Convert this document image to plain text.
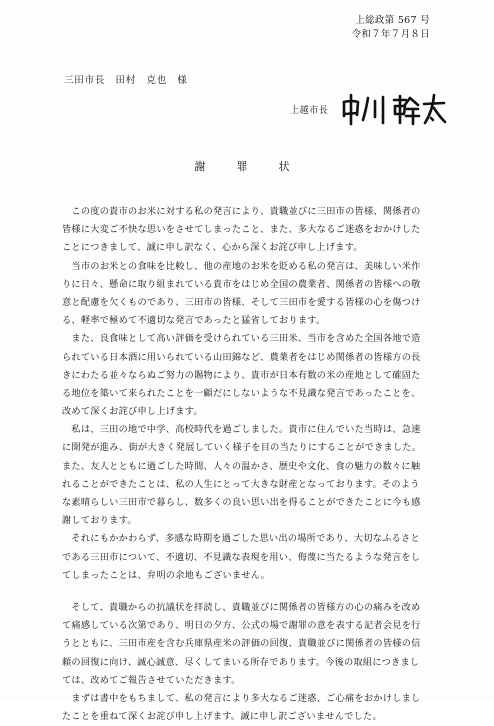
上総政第 567 号
令和７年７月８日
三田市長　田村　克也　様
上越市長
謝　罪　状
　この度の貴市のお米に対する私の発言により、貴職並びに三田市の皆様、関係者の
皆様に大変ご不快な思いをさせてしまったこと、また、多大なるご迷惑をおかけした
ことにつきまして、誠に申し訳なく、心から深くお詫び申し上げます。
　当市のお米との食味を比較し、他の産地のお米を貶める私の発言は、美味しい米作
りに日々、懸命に取り組まれている貴市をはじめ全国の農業者、関係者の皆様への敬
意と配慮を欠くものであり、三田市の皆様、そして三田市を愛する皆様の心を傷つけ
る、軽率で極めて不適切な発言であったと猛省しております。
　また、良食味として高い評価を受けられている三田米、当市を含めた全国各地で造
られている日本酒に用いられている山田錦など、農業者をはじめ関係者の皆様方の長
きにわたる並々ならぬご努力の賜物により、貴市が日本有数の米の産地として確固た
る地位を築いて来られたことを一顧だにしないような不見識な発言であったことを、
改めて深くお詫び申し上げます。
　私は、三田の地で中学、高校時代を過ごしました。貴市に住んでいた当時は、急速
に開発が進み、街が大きく発展していく様子を目の当たりにすることができました。
また、友人とともに過ごした時間、人々の温かさ、歴史や文化、食の魅力の数々に触
れることができたことは、私の人生にとって大きな財産となっております。そのよう
な素晴らしい三田市で暮らし、数多くの良い思い出を得ることができたことに今も感
謝しております。
　それにもかかわらず、多感な時期を過ごした思い出の場所であり、大切なふるさと
である三田市について、不適切、不見識な表現を用い、侮蔑に当たるような発言をし
てしまったことは、弁明の余地もございません。
　そして、貴職からの抗議状を拝読し、貴職並びに関係者の皆様方の心の痛みを改め
て痛感している次第であり、明日の夕方、公式の場で謝罪の意を表する記者会見を行
うとともに、三田市産を含む兵庫県産米の評価の回復、貴職並びに関係者の皆様の信
頼の回復に向け、誠心誠意、尽くしてまいる所存であります。今後の取組につきまし
ては、改めてご報告させていただきます。
　まずは書中をもちまして、私の発言により多大なるご迷惑、ご心痛をおかけしまし
たことを重ねて深くお詫び申し上げます。誠に申し訳ございませんでした。
